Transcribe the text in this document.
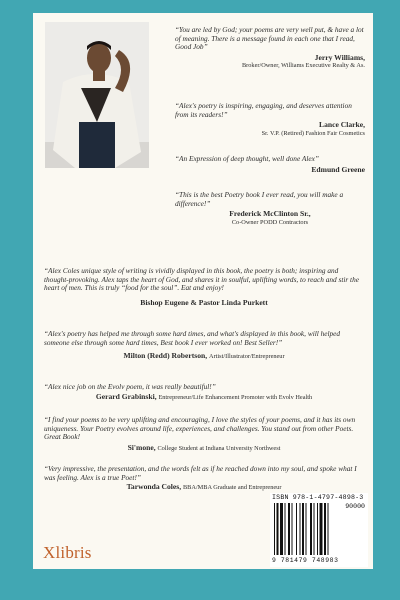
“You are led by God; your poems are very well put, & have a lot of meaning. There is a message found in each one that I read, Good Job”
Jerry Williams,
Broker/Owner, Williams Executive Realty & As.
“Alex's poetry is inspiring, engaging, and deserves attention from its readers!”
Lance Clarke,
Sr. V.P. (Retired) Fashion Fair Cosmetics
“An Expression of deep thought, well done Alex”
Edmund Greene
“This is the best Poetry book I ever read, you will make a difference!”
Frederick McClinton Sr.,
Co-Owner PODD Contractors
“Alex Coles unique style of writing is vividly displayed in this book, the poetry is both; inspiring and thought-provoking. Alex taps the heart of God, and shares it in soulful, uplifting words, to reach and stir the heart of men. This is truly “food for the soul”. Eat and enjoy!
Bishop Eugene & Pastor Linda Purkett
“Alex's poetry has helped me through some hard times, and what's displayed in this book, will helped someone else through some hard times, Best book I ever worked on! Best Seller!”
Milton (Redd) Robertson, Artist/Illustrator/Entrepreneur
“Alex nice job on the Evolv poem, it was really beautiful!”
Gerard Grabinski, Entrepreneur/Life Enhancement Promoter with Evolv Health
“I find your poems to be very uplifting and encouraging, I love the styles of your poems, and it has its own uniqueness. Your Poetry evolves around life, experiences, and challenges. You stand out from other Poets. Great Book!
Si'mone, College Student at Indiana University Northwest
“Very impressive, the presentation, and the words felt as if he reached down into my soul, and spoke what I was feeling. Alex is a true Poet!”
Tarwonda Coles, BBA/MBA Graduate and Entrepreneur
ISBN 978-1-4797-4898-3
90000
9 781479 748983
Xlibris
